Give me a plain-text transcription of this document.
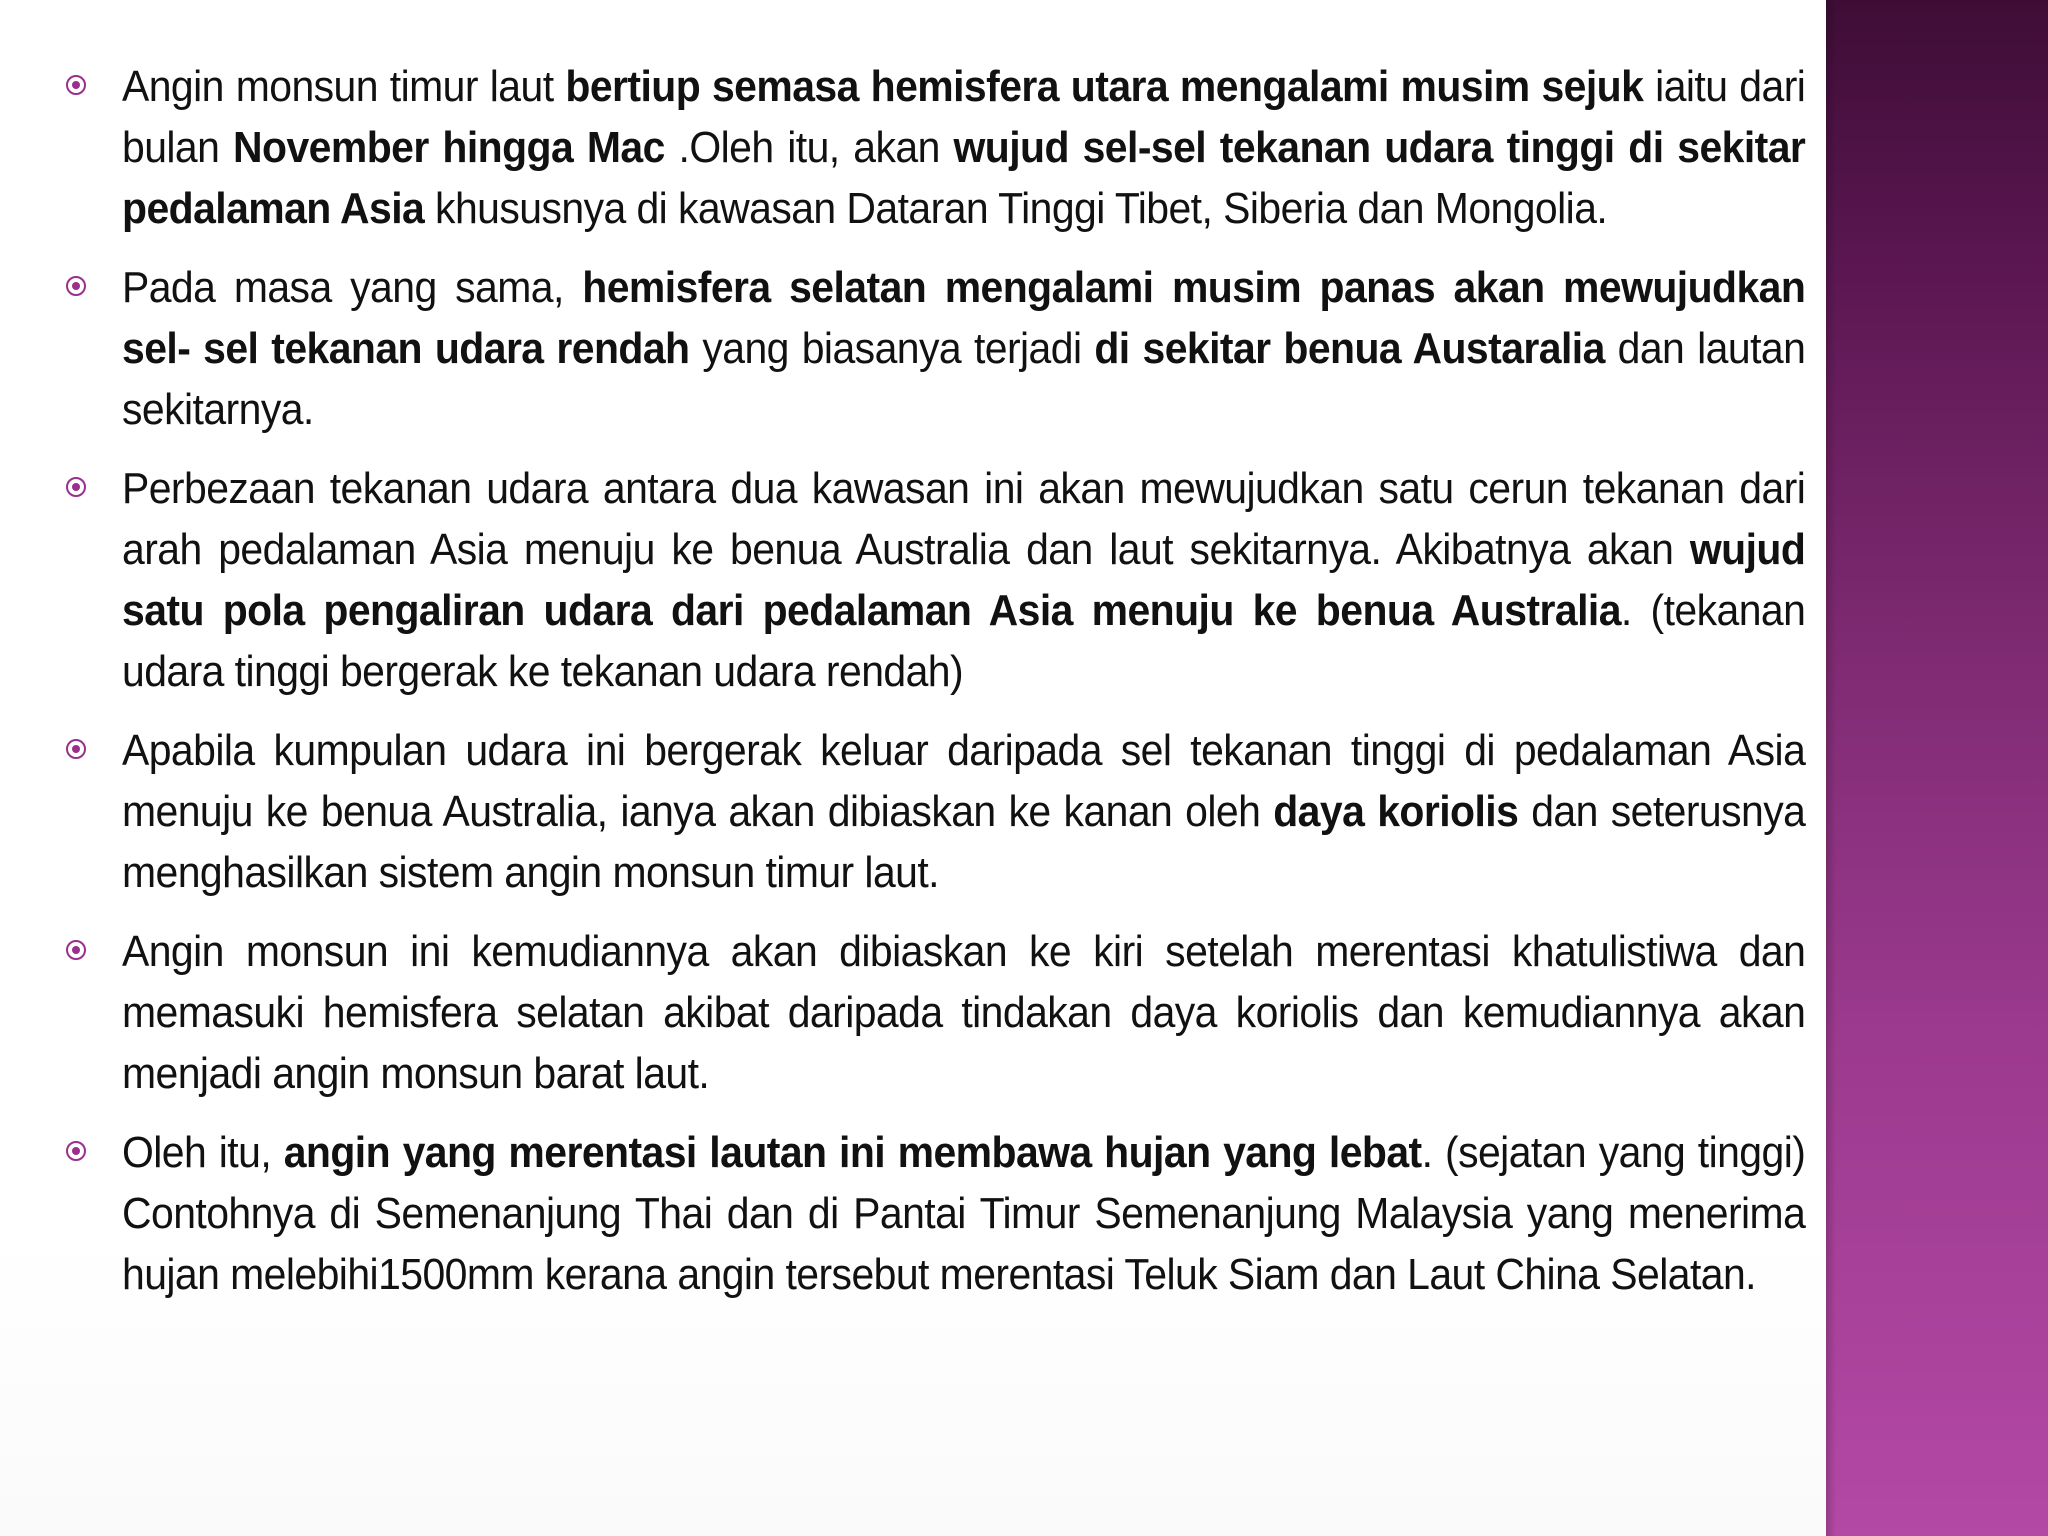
Angin monsun timur laut bertiup semasa hemisfera utara mengalami musim sejuk iaitu dari bulan November hingga Mac .Oleh itu, akan wujud sel-sel tekanan udara tinggi di sekitar pedalaman Asia khususnya di kawasan Dataran Tinggi Tibet, Siberia dan Mongolia.
Pada masa yang sama, hemisfera selatan mengalami musim panas akan mewujudkan sel- sel tekanan udara rendah yang biasanya terjadi di sekitar benua Austaralia dan lautan sekitarnya.
Perbezaan tekanan udara antara dua kawasan ini akan mewujudkan satu cerun tekanan dari arah pedalaman Asia menuju ke benua Australia dan laut sekitarnya. Akibatnya akan wujud satu pola pengaliran udara dari pedalaman Asia menuju ke benua Australia. (tekanan udara tinggi bergerak ke tekanan udara rendah)
Apabila kumpulan udara ini bergerak keluar daripada sel tekanan tinggi di pedalaman Asia menuju ke benua Australia, ianya akan dibiaskan ke kanan oleh daya koriolis dan seterusnya menghasilkan sistem angin monsun timur laut.
Angin monsun ini kemudiannya akan dibiaskan ke kiri setelah merentasi khatulistiwa dan memasuki hemisfera selatan akibat daripada tindakan daya koriolis dan kemudiannya akan menjadi angin monsun barat laut.
Oleh itu, angin yang merentasi lautan ini membawa hujan yang lebat. (sejatan yang tinggi) Contohnya di Semenanjung Thai dan di Pantai Timur Semenanjung Malaysia yang menerima hujan melebihi1500mm kerana angin tersebut merentasi Teluk Siam dan Laut China Selatan.
